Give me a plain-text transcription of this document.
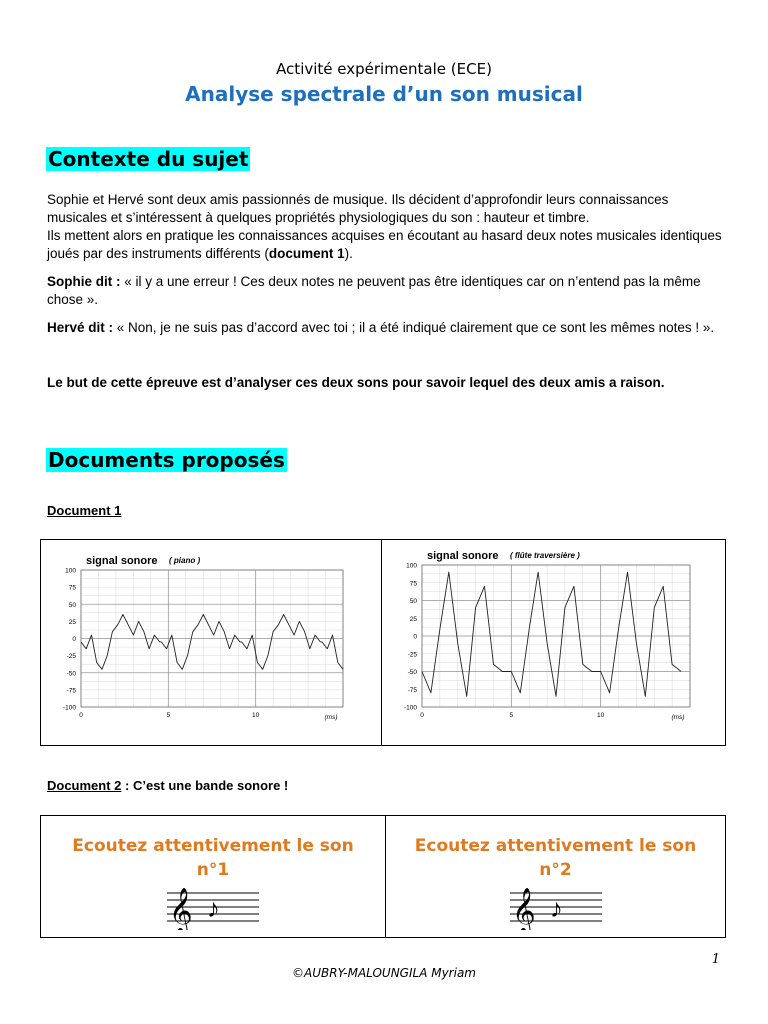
Activité expérimentale (ECE)
Analyse spectrale d’un son musical
Contexte du sujet
Sophie et Hervé sont deux amis passionnés de musique. Ils décident d’approfondir leurs connaissances musicales et s’intéressent à quelques propriétés physiologiques du son : hauteur et timbre.
Ils mettent alors en pratique les connaissances acquises en écoutant au hasard deux notes musicales identiques joués par des instruments différents (document 1).
Sophie dit : « il y a une erreur ! Ces deux notes ne peuvent pas être identiques car on n’entend pas la même chose ».
Hervé dit : « Non, je ne suis pas d’accord avec toi ; il a été indiqué clairement que ce sont les mêmes notes ! ».
Le but de cette épreuve est d’analyser ces deux sons pour savoir lequel des deux amis a raison.
Documents proposés
Document 1
signal sonore ( piano )
100
75
50
25
0
-25
-50
-75
-100
0	5	10	(ms)

signal sonore ( flûte traversière )
100
75
50
25
0
-25
-50
-75
-100
0	5	10	(ms)
Document 2 : C’est une bande sonore !
Ecoutez attentivement le son
n°1
𝄞 ♪

Ecoutez attentivement le son
n°2
𝄞 ♪
1
©AUBRY-MALOUNGILA Myriam
